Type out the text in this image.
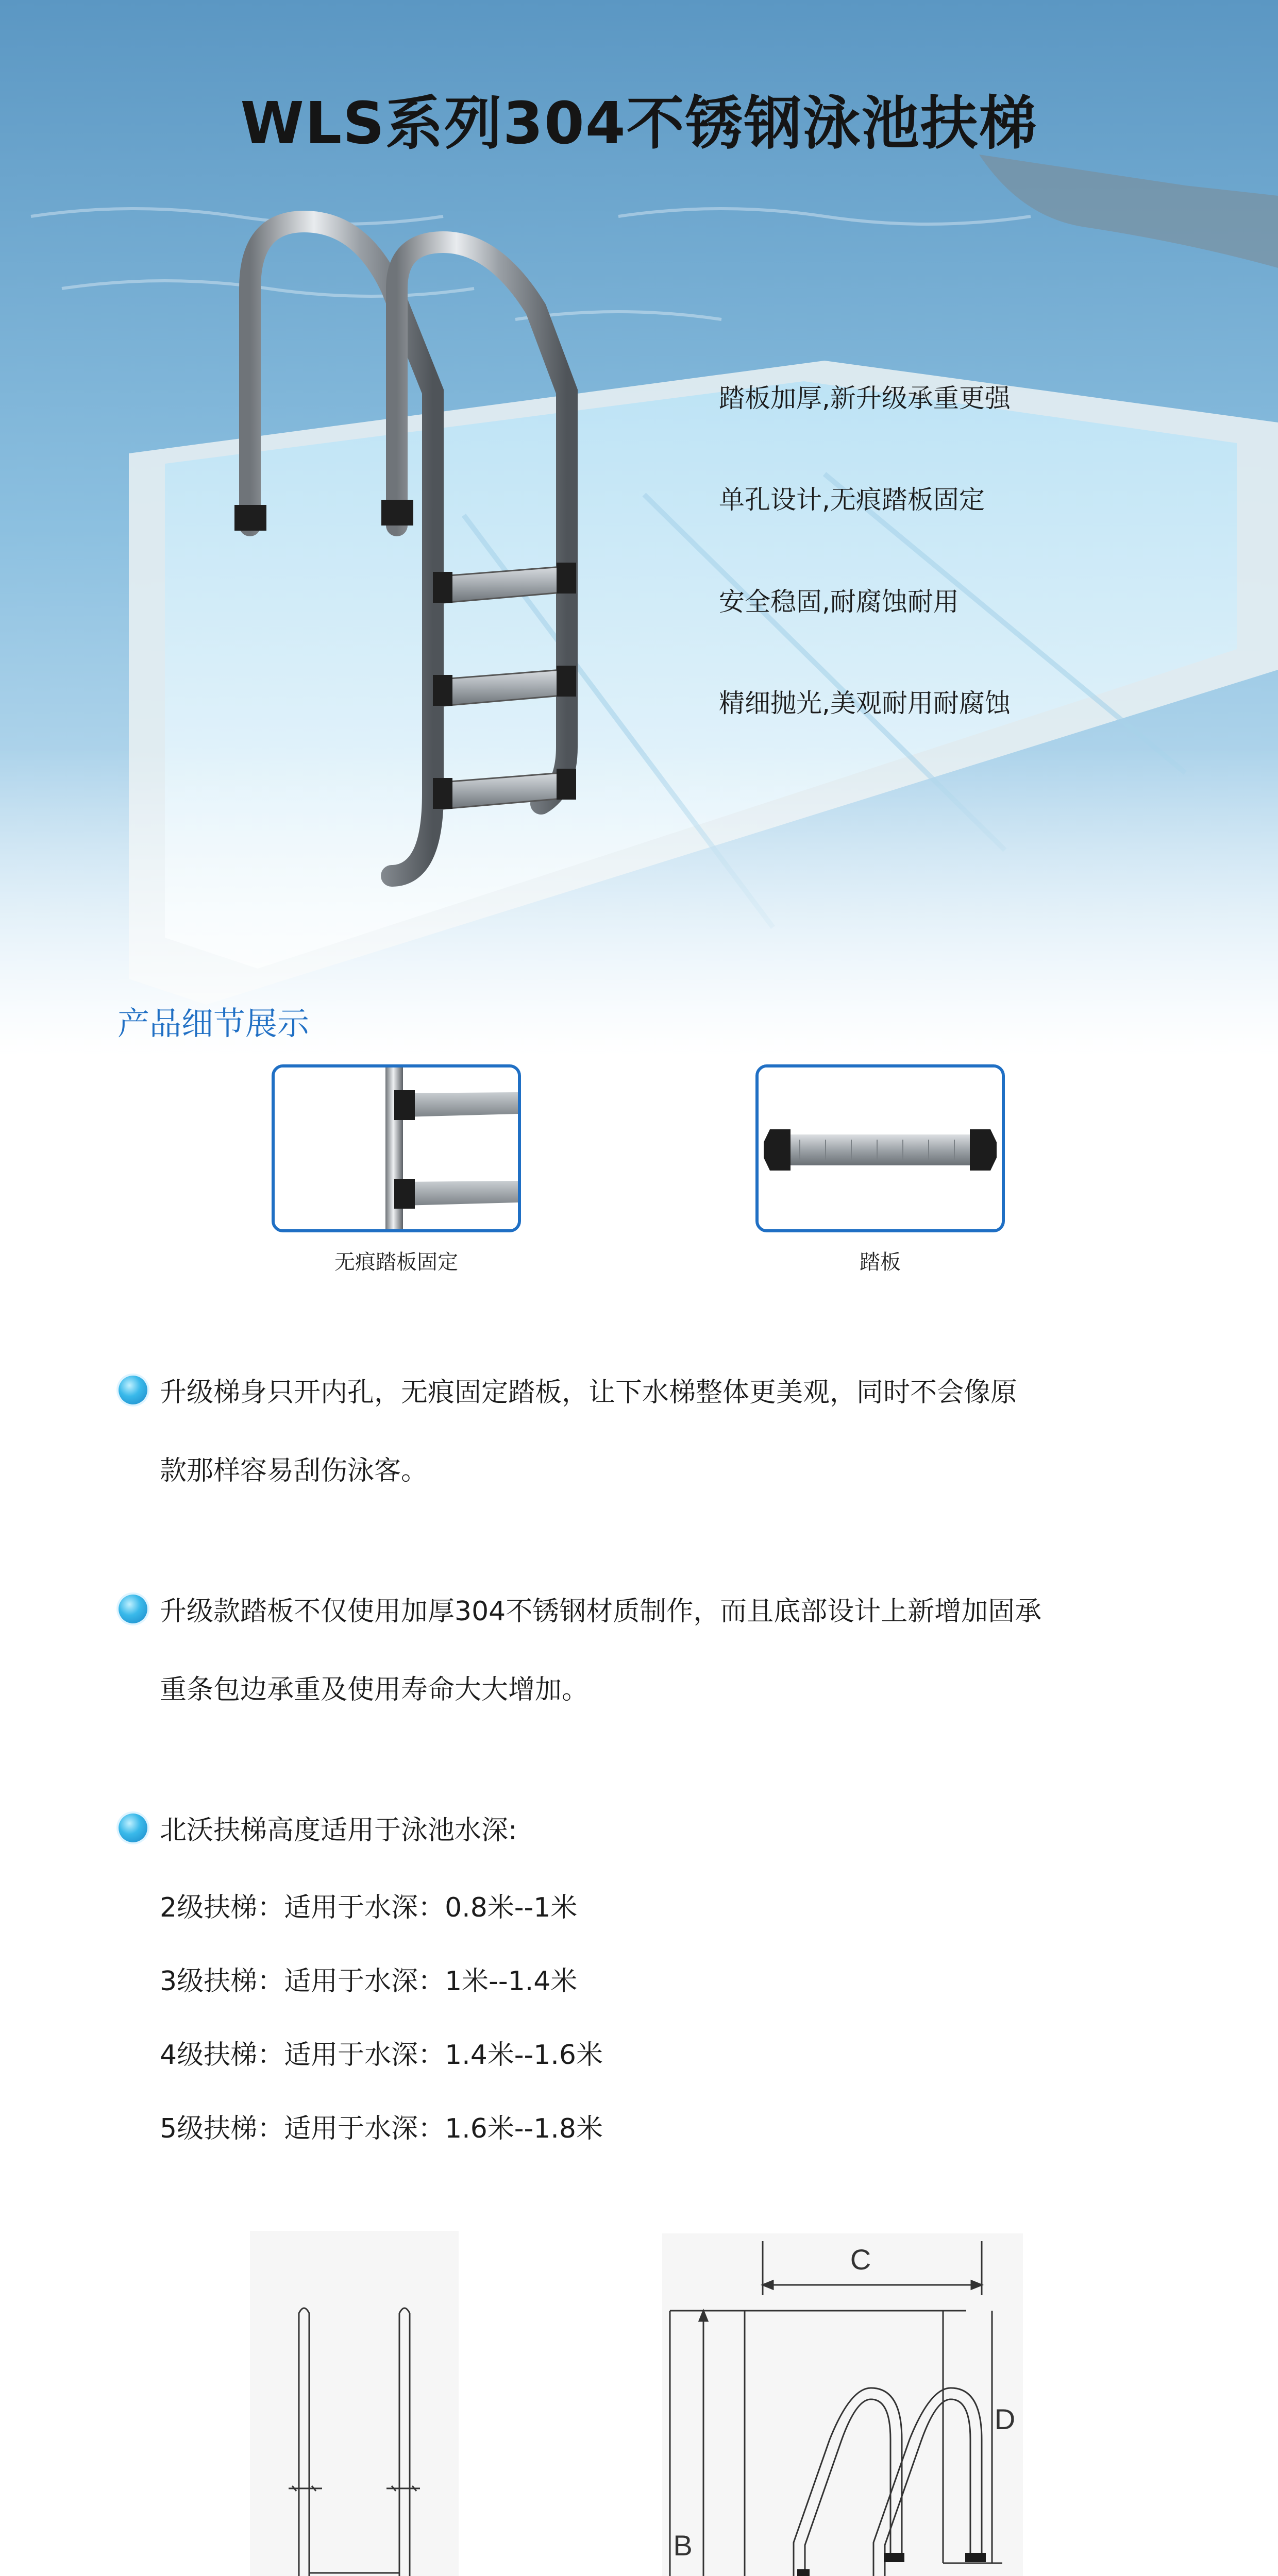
WLS系列304不锈钢泳池扶梯
踏板加厚,新升级承重更强
单孔设计,无痕踏板固定
安全稳固,耐腐蚀耐用
精细抛光,美观耐用耐腐蚀
产品细节展示
无痕踏板固定	踏板
升级梯身只开内孔，无痕固定踏板，让下水梯整体更美观，同时不会像原
款那样容易刮伤泳客。
升级款踏板不仅使用加厚304不锈钢材质制作，而且底部设计上新增加固承
重条包边承重及使用寿命大大增加。
北沃扶梯高度适用于泳池水深:
2级扶梯：适用于水深：0.8米--1米
3级扶梯：适用于水深：1米--1.4米
4级扶梯：适用于水深：1.4米--1.6米
5级扶梯：适用于水深：1.6米--1.8米
C
D
B
